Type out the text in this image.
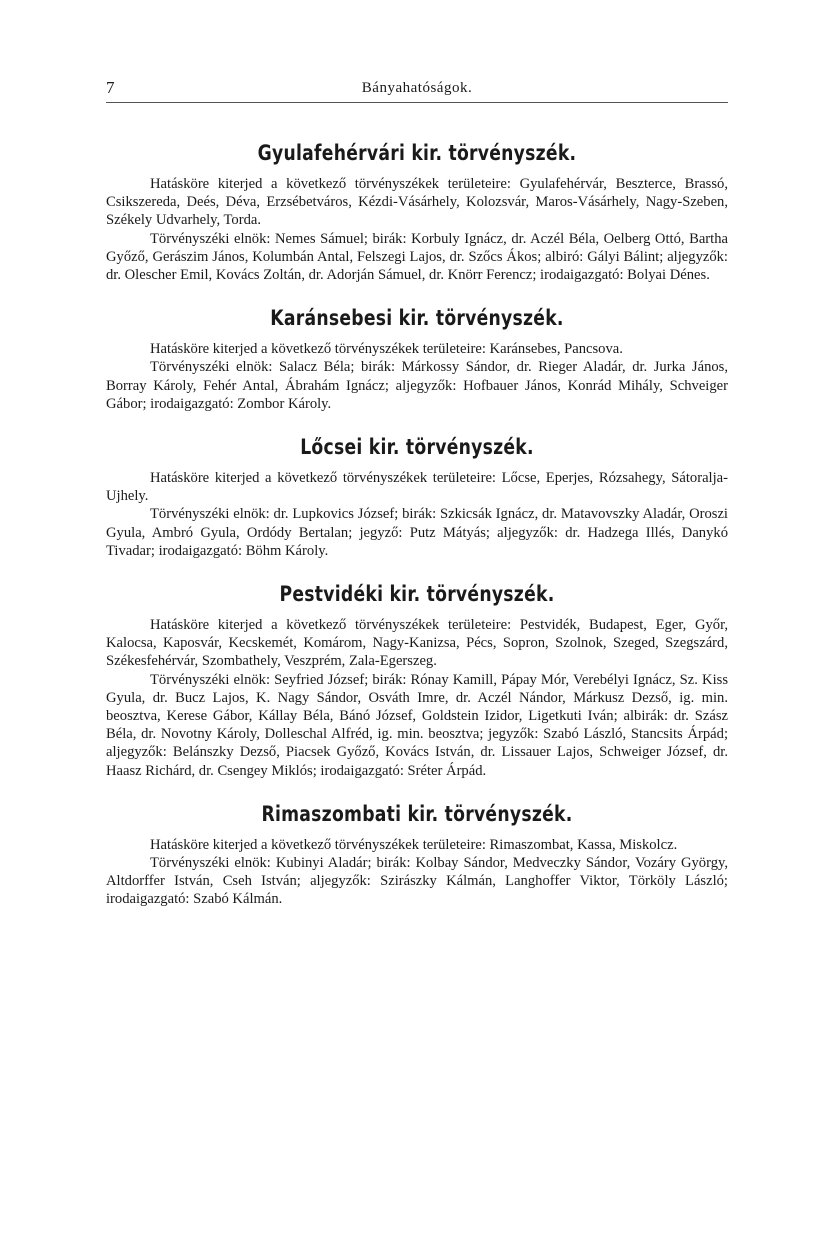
7	Bányahatóságok.
Gyulafehérvári kir. törvényszék.

Hatásköre kiterjed a következő törvényszékek területeire: Gyulafehérvár, Beszterce, Brassó, Csikszereda, Deés, Déva, Erzsébetváros, Kézdi-Vásárhely, Kolozsvár, Maros-Vásárhely, Nagy-Szeben, Székely Udvarhely, Torda.

Törvényszéki elnök: Nemes Sámuel; birák: Korbuly Ignácz, dr. Aczél Béla, Oelberg Ottó, Bartha Győző, Gerászim János, Kolumbán Antal, Felszegi Lajos, dr. Szőcs Ákos; albiró: Gályi Bálint; aljegyzők: dr. Olescher Emil, Kovács Zoltán, dr. Adorján Sámuel, dr. Knörr Ferencz; irodaigazgató: Bolyai Dénes.

Karánsebesi kir. törvényszék.

Hatásköre kiterjed a következő törvényszékek területeire: Karánsebes, Pancsova.

Törvényszéki elnök: Salacz Béla; birák: Márkossy Sándor, dr. Rieger Aladár, dr. Jurka János, Borray Károly, Fehér Antal, Ábrahám Ignácz; aljegyzők: Hofbauer János, Konrád Mihály, Schveiger Gábor; irodaigazgató: Zombor Károly.

Lőcsei kir. törvényszék.

Hatásköre kiterjed a következő törvényszékek területeire: Lőcse, Eperjes, Rózsahegy, Sátoralja-Ujhely.

Törvényszéki elnök: dr. Lupkovics József; birák: Szkicsák Ignácz, dr. Matavovszky Aladár, Oroszi Gyula, Ambró Gyula, Ordódy Bertalan; jegyző: Putz Mátyás; aljegyzők: dr. Hadzega Illés, Danykó Tivadar; irodaigazgató: Böhm Károly.

Pestvidéki kir. törvényszék.

Hatásköre kiterjed a következő törvényszékek területeire: Pestvidék, Budapest, Eger, Győr, Kalocsa, Kaposvár, Kecskemét, Komárom, Nagy-Kanizsa, Pécs, Sopron, Szolnok, Szeged, Szegszárd, Székesfehérvár, Szombathely, Veszprém, Zala-Egerszeg.

Törvényszéki elnök: Seyfried József; birák: Rónay Kamill, Pápay Mór, Verebélyi Ignácz, Sz. Kiss Gyula, dr. Bucz Lajos, K. Nagy Sándor, Osváth Imre, dr. Aczél Nándor, Márkusz Dezső, ig. min. beosztva, Kerese Gábor, Kállay Béla, Bánó József, Goldstein Izidor, Ligetkuti Iván; albirák: dr. Szász Béla, dr. Novotny Károly, Dolleschal Alfréd, ig. min. beosztva; jegyzők: Szabó László, Stancsits Árpád; aljegyzők: Belánszky Dezső, Piacsek Győző, Kovács István, dr. Lissauer Lajos, Schweiger József, dr. Haasz Richárd, dr. Csengey Miklós; irodaigazgató: Sréter Árpád.

Rimaszombati kir. törvényszék.

Hatásköre kiterjed a következő törvényszékek területeire: Rimaszombat, Kassa, Miskolcz.

Törvényszéki elnök: Kubinyi Aladár; birák: Kolbay Sándor, Medveczky Sándor, Vozáry György, Altdorffer István, Cseh István; aljegyzők: Szirászky Kálmán, Langhoffer Viktor, Törköly László; irodaigazgató: Szabó Kálmán.
